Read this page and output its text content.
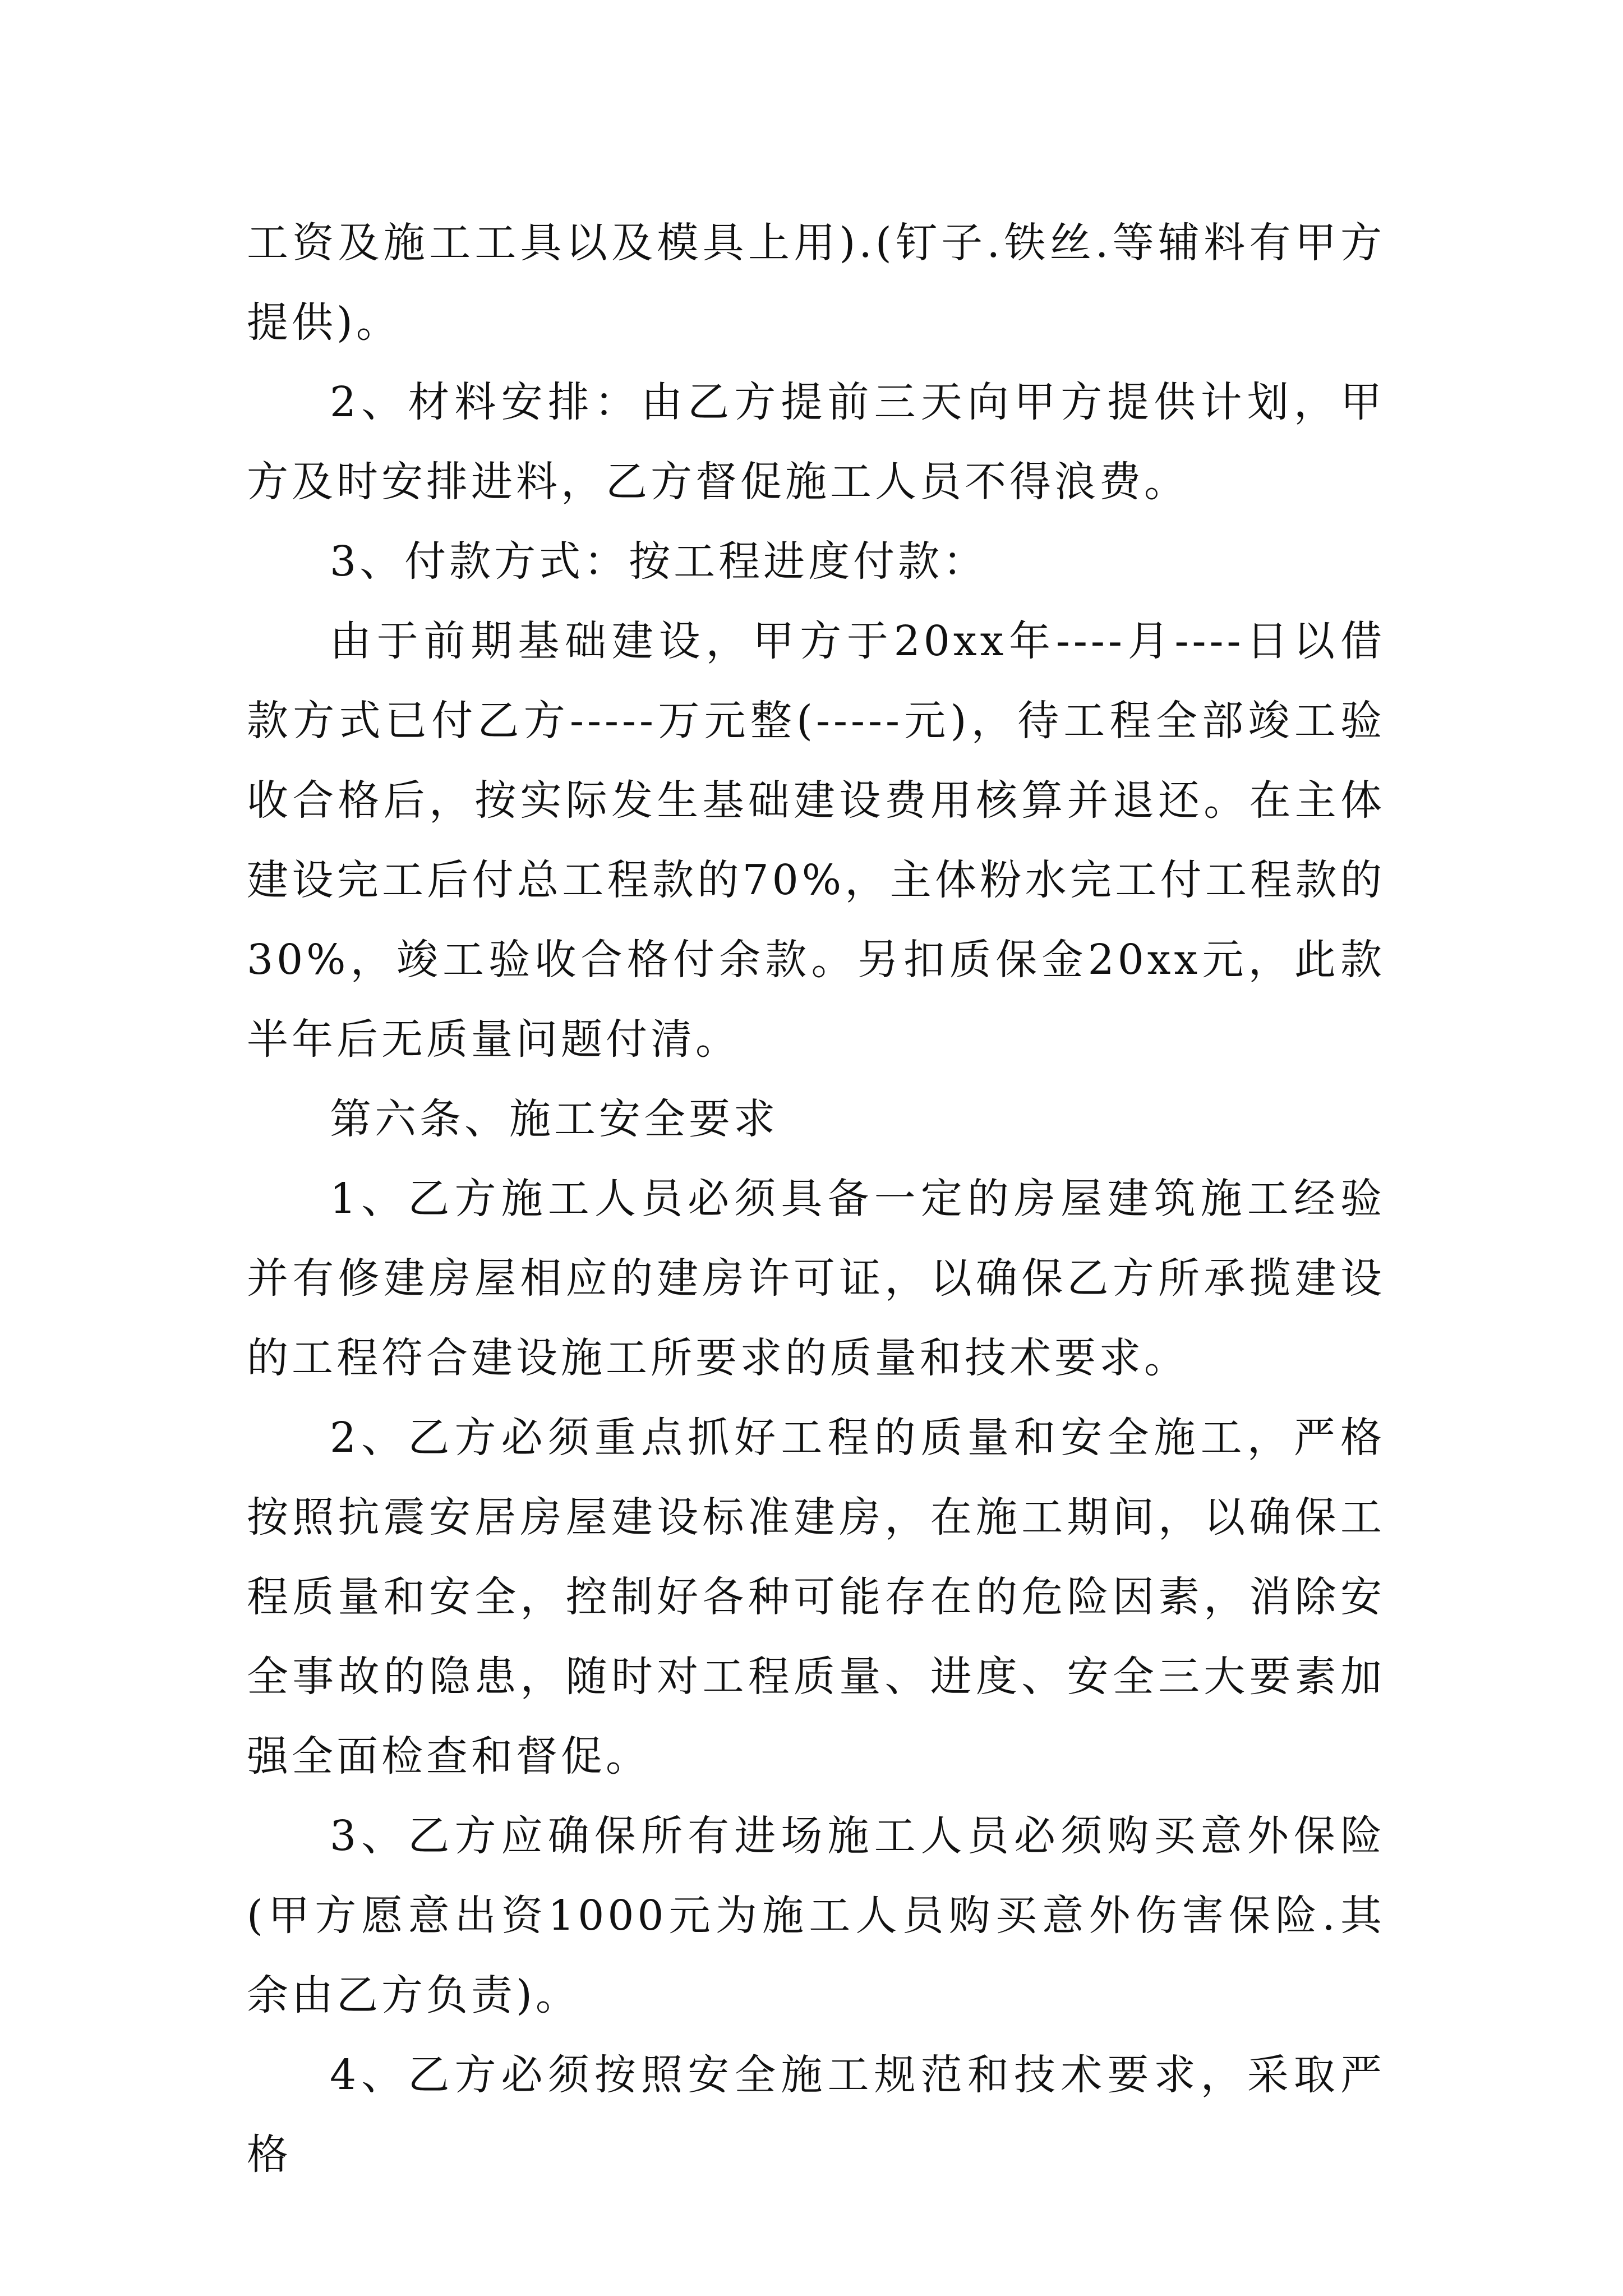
工资及施工工具以及模具上用).(钉子.铁丝.等辅料有甲方提供)。

2、材料安排：由乙方提前三天向甲方提供计划，甲方及时安排进料，乙方督促施工人员不得浪费。

3、付款方式：按工程进度付款：

由于前期基础建设，甲方于20xx年----月----日以借款方式已付乙方-----万元整(-----元)，待工程全部竣工验收合格后，按实际发生基础建设费用核算并退还。在主体建设完工后付总工程款的70%，主体粉水完工付工程款的30%，竣工验收合格付余款。另扣质保金20xx元，此款半年后无质量问题付清。

第六条、施工安全要求

1、乙方施工人员必须具备一定的房屋建筑施工经验并有修建房屋相应的建房许可证，以确保乙方所承揽建设的工程符合建设施工所要求的质量和技术要求。

2、乙方必须重点抓好工程的质量和安全施工，严格按照抗震安居房屋建设标准建房，在施工期间，以确保工程质量和安全，控制好各种可能存在的危险因素，消除安全事故的隐患，随时对工程质量、进度、安全三大要素加强全面检查和督促。

3、乙方应确保所有进场施工人员必须购买意外保险(甲方愿意出资1000元为施工人员购买意外伤害保险.其余由乙方负责)。

4、乙方必须按照安全施工规范和技术要求，采取严格
